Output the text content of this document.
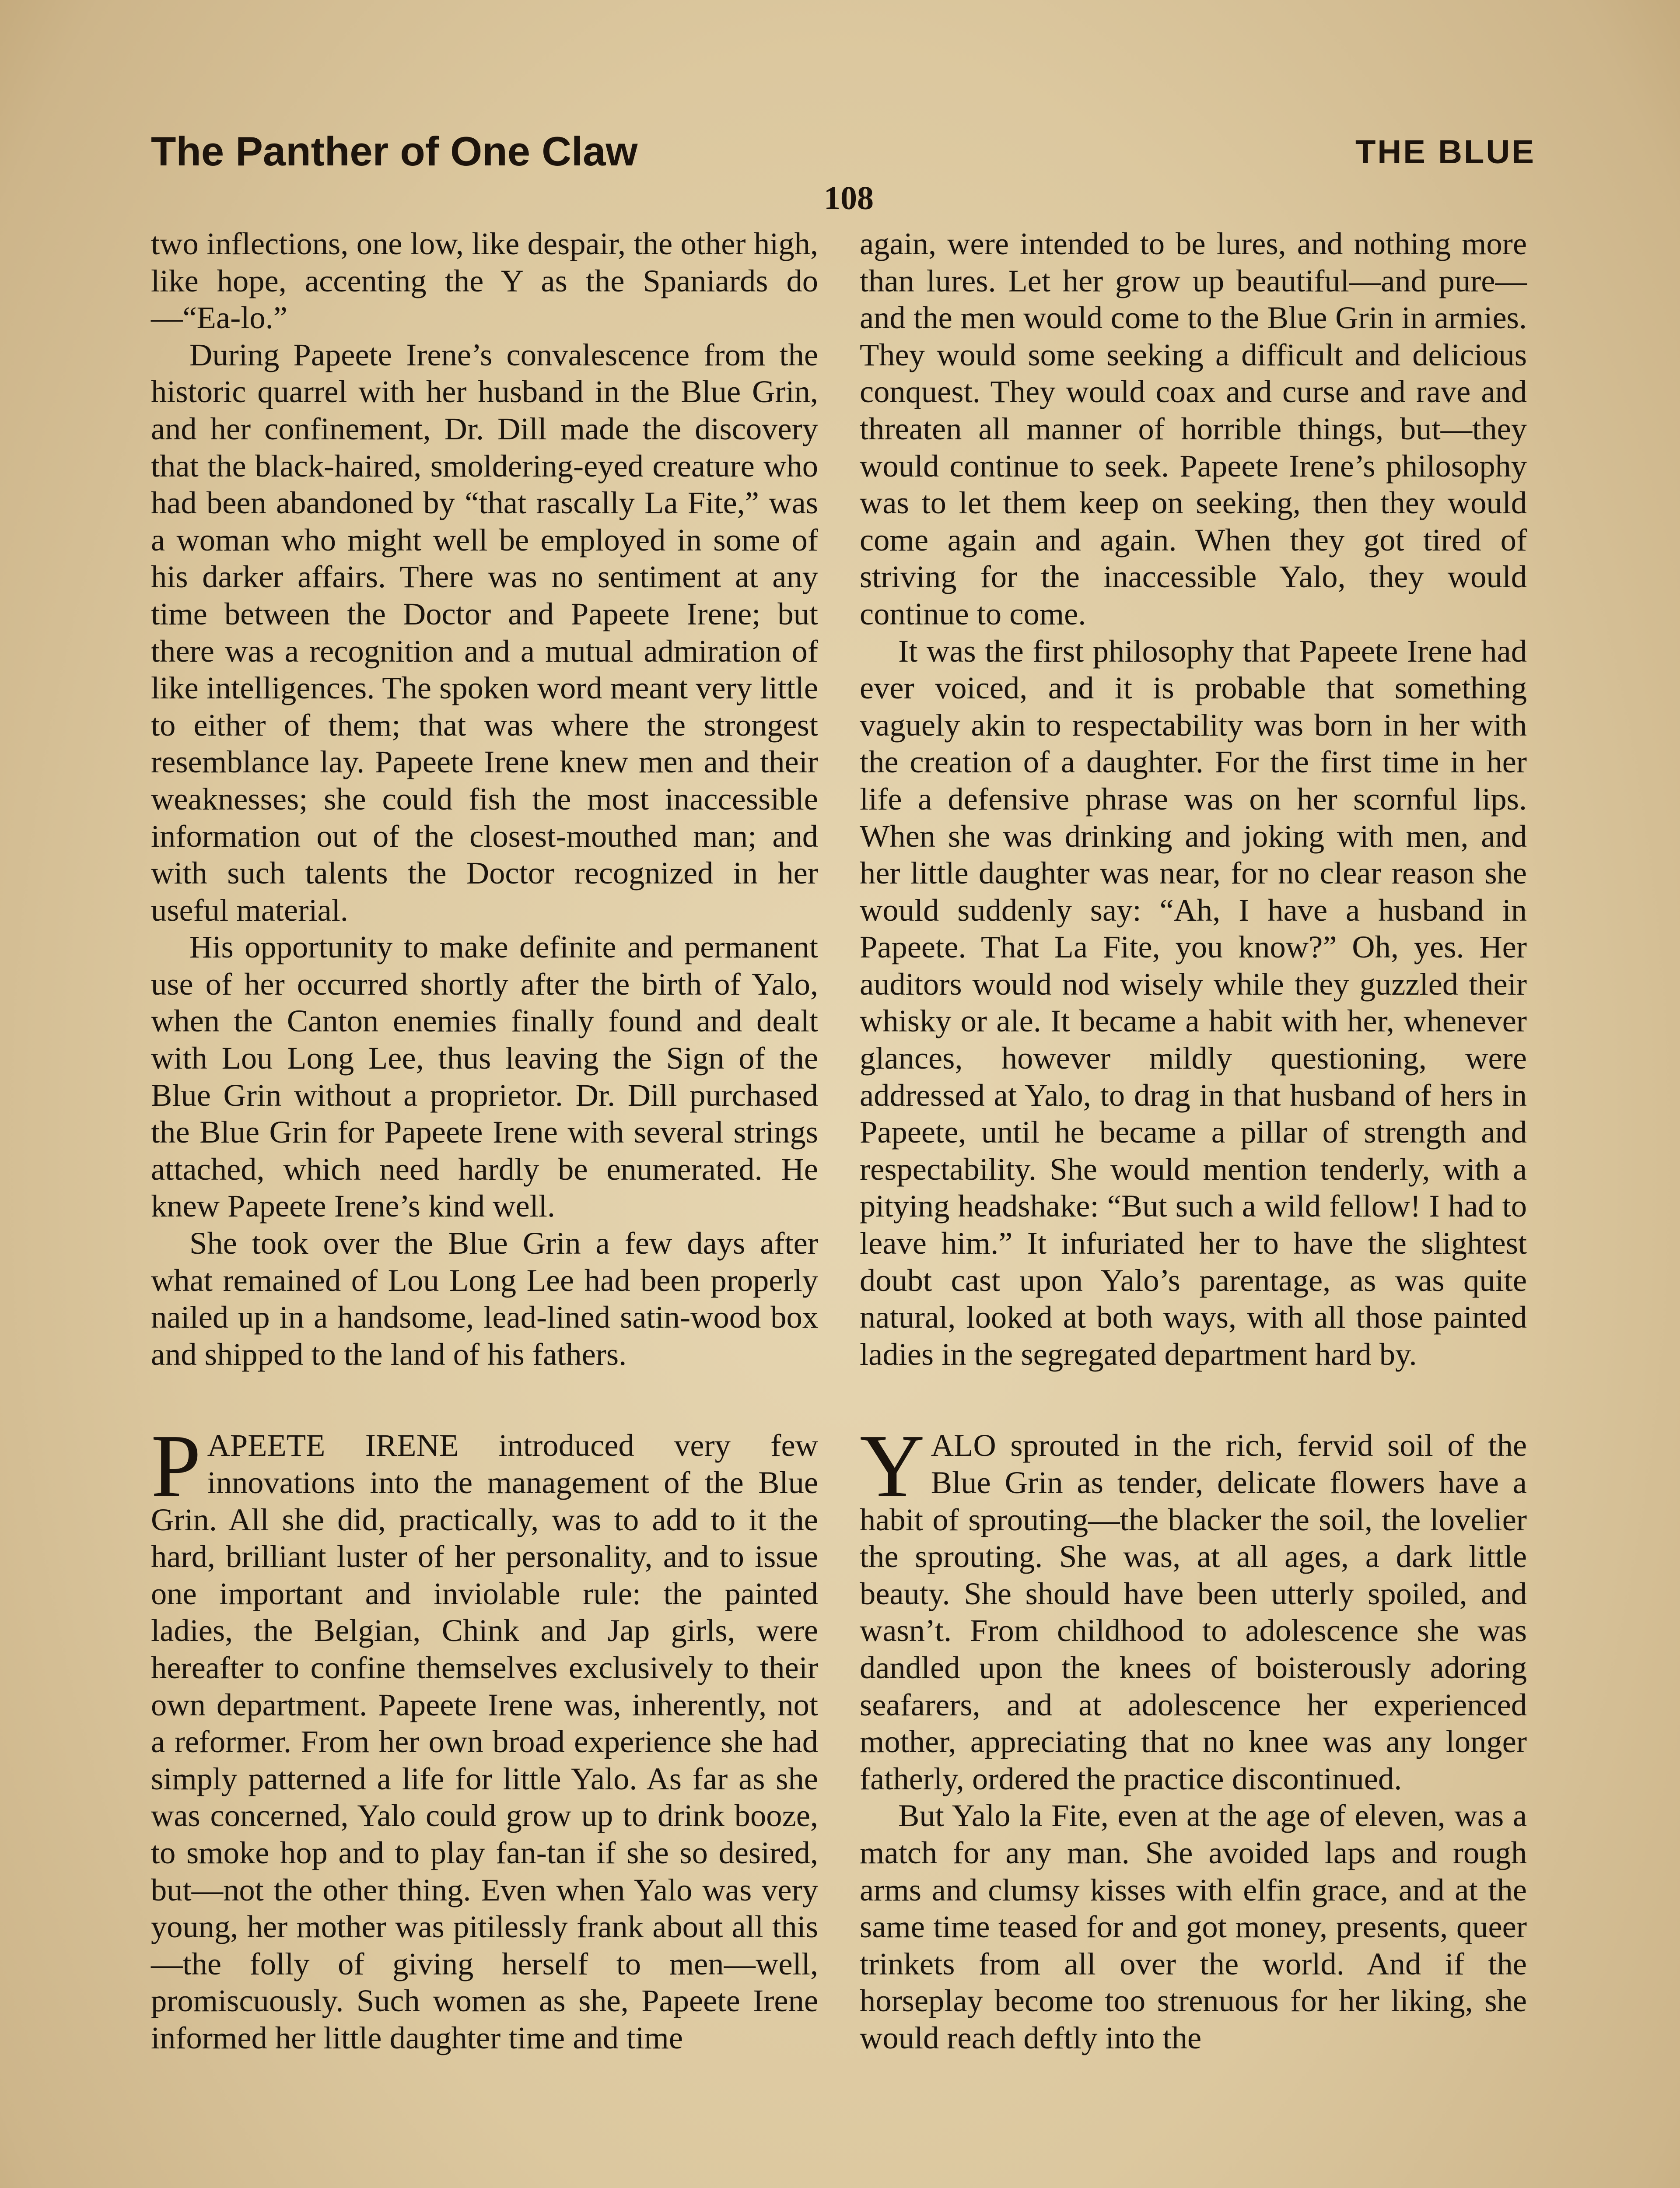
The Panther of One Claw	THE BLUE
108

two inflections, one low, like despair, the other high, like hope, accenting the Y as the Spaniards do—“Ea-lo.”

During Papeete Irene’s convalescence from the historic quarrel with her husband in the Blue Grin, and her confinement, Dr. Dill made the discovery that the black-haired, smoldering-eyed creature who had been abandoned by “that rascally La Fite,” was a woman who might well be employed in some of his darker affairs. There was no sentiment at any time between the Doctor and Papeete Irene; but there was a recognition and a mutual admiration of like intelligences. The spoken word meant very little to either of them; that was where the strongest resemblance lay. Papeete Irene knew men and their weaknesses; she could fish the most inaccessible information out of the closest-mouthed man; and with such talents the Doctor recognized in her useful material.

His opportunity to make definite and permanent use of her occurred shortly after the birth of Yalo, when the Canton enemies finally found and dealt with Lou Long Lee, thus leaving the Sign of the Blue Grin without a proprietor. Dr. Dill purchased the Blue Grin for Papeete Irene with several strings attached, which need hardly be enumerated. He knew Papeete Irene’s kind well.

She took over the Blue Grin a few days after what remained of Lou Long Lee had been properly nailed up in a handsome, lead-lined satin-wood box and shipped to the land of his fathers.

PAPEETE IRENE introduced very few innovations into the management of the Blue Grin. All she did, practically, was to add to it the hard, brilliant luster of her personality, and to issue one important and inviolable rule: the painted ladies, the Belgian, Chink and Jap girls, were hereafter to confine themselves exclusively to their own department. Papeete Irene was, inherently, not a reformer. From her own broad experience she had simply patterned a life for little Yalo. As far as she was concerned, Yalo could grow up to drink booze, to smoke hop and to play fan-tan if she so desired, but—not the other thing. Even when Yalo was very young, her mother was pitilessly frank about all this—the folly of giving herself to men—well, promiscuously. Such women as she, Papeete Irene informed her little daughter time and time

again, were intended to be lures, and nothing more than lures. Let her grow up beautiful—and pure—and the men would come to the Blue Grin in armies. They would some seeking a difficult and delicious conquest. They would coax and curse and rave and threaten all manner of horrible things, but—they would continue to seek. Papeete Irene’s philosophy was to let them keep on seeking, then they would come again and again. When they got tired of striving for the inaccessible Yalo, they would continue to come.

It was the first philosophy that Papeete Irene had ever voiced, and it is probable that something vaguely akin to respectability was born in her with the creation of a daughter. For the first time in her life a defensive phrase was on her scornful lips. When she was drinking and joking with men, and her little daughter was near, for no clear reason she would suddenly say: “Ah, I have a husband in Papeete. That La Fite, you know?” Oh, yes. Her auditors would nod wisely while they guzzled their whisky or ale. It became a habit with her, whenever glances, however mildly questioning, were addressed at Yalo, to drag in that husband of hers in Papeete, until he became a pillar of strength and respectability. She would mention tenderly, with a pitying headshake: “But such a wild fellow! I had to leave him.” It infuriated her to have the slightest doubt cast upon Yalo’s parentage, as was quite natural, looked at both ways, with all those painted ladies in the segregated department hard by.

YALO sprouted in the rich, fervid soil of the Blue Grin as tender, delicate flowers have a habit of sprouting—the blacker the soil, the lovelier the sprouting. She was, at all ages, a dark little beauty. She should have been utterly spoiled, and wasn’t. From childhood to adolescence she was dandled upon the knees of boisterously adoring seafarers, and at adolescence her experienced mother, appreciating that no knee was any longer fatherly, ordered the practice discontinued.

But Yalo la Fite, even at the age of eleven, was a match for any man. She avoided laps and rough arms and clumsy kisses with elfin grace, and at the same time teased for and got money, presents, queer trinkets from all over the world. And if the horseplay become too strenuous for her liking, she would reach deftly into the
